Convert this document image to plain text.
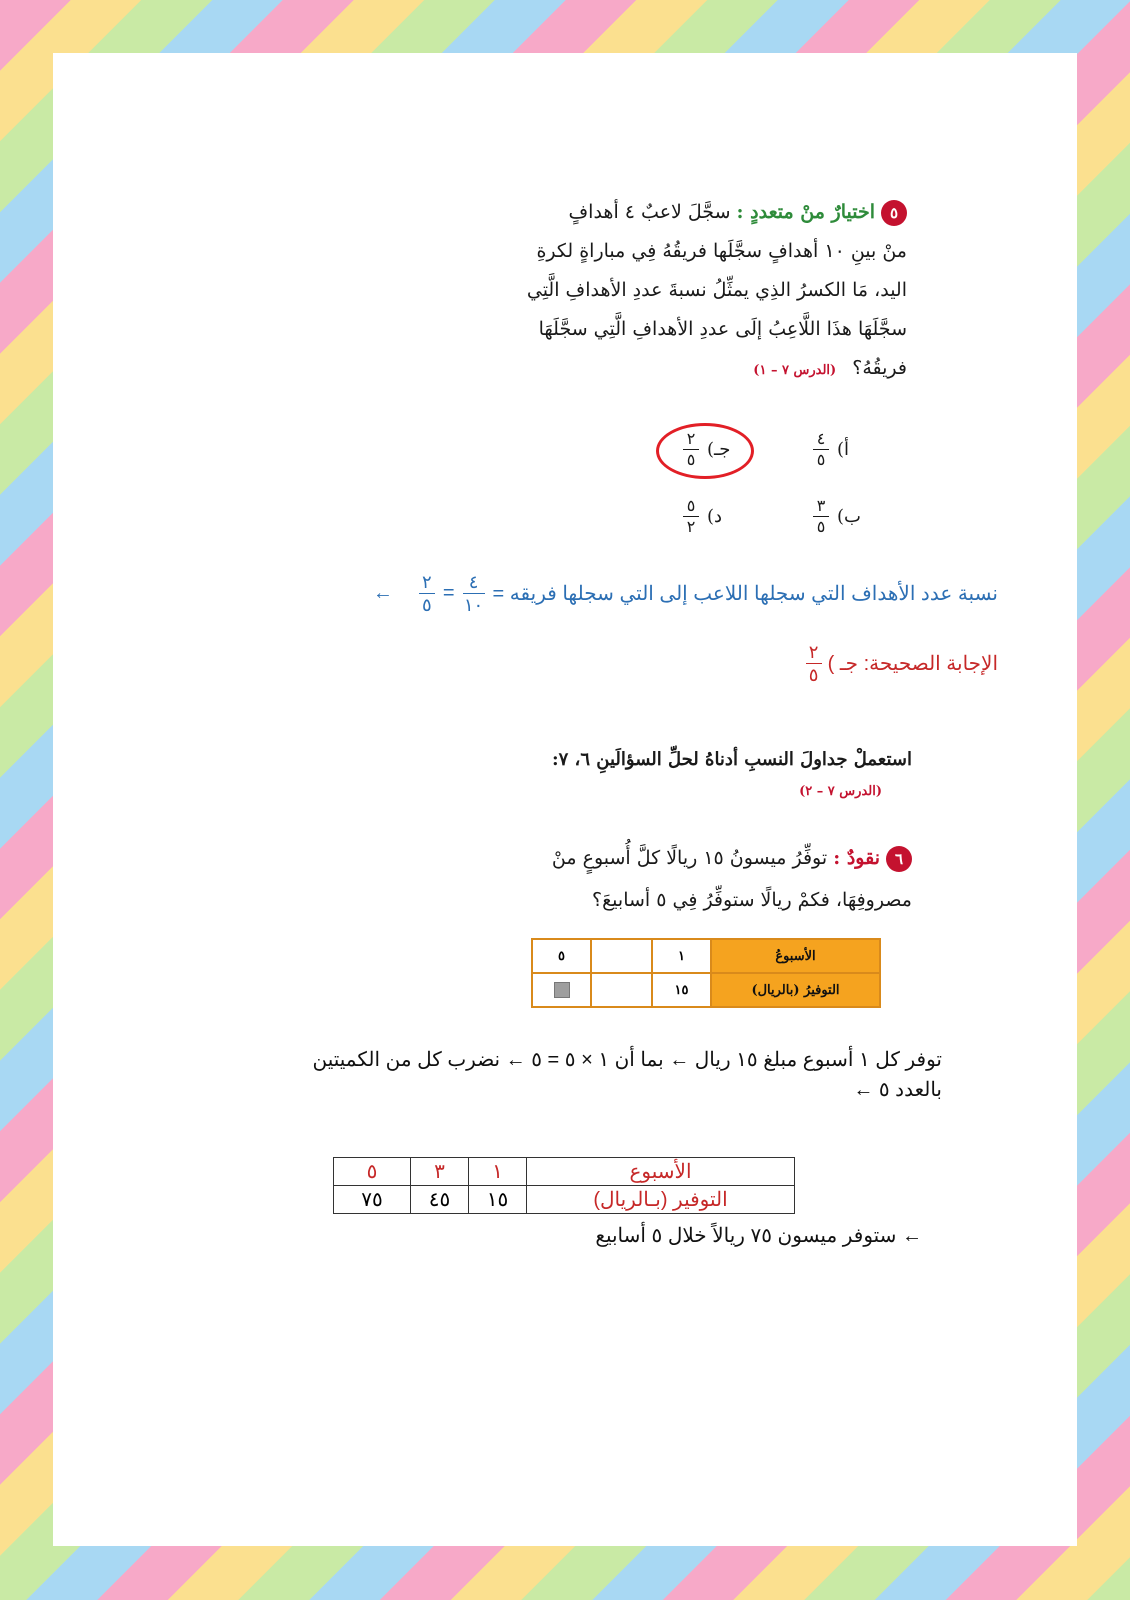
٥اختيارٌ منْ متعددٍ : سجَّلَ لاعبٌ ٤ أهدافٍ
منْ بينِ ١٠ أهدافٍ سجَّلَها فريقُهُ فِي مباراةٍ لكرةِ
اليد، مَا الكسرُ الذِي يمثِّلُ نسبةَ عددِ الأهدافِ الَّتِي
سجَّلَهَا هذَا اللَّاعِبُ إلَى عددِ الأهدافِ الَّتِي سجَّلَهَا
فريقُهُ؟ (الدرس ٧ – ١)
أ)
$\frac{٤}{٥}$
جـ)
$\frac{٢}{٥}$
ب)
$\frac{٣}{٥}$
د)
$\frac{٥}{٢}$
نسبة عدد الأهداف التي سجلها اللاعب إلى التي سجلها فريقه =
$\frac{٤}{١٠}$
=
$\frac{٢}{٥}$
←
الإجابة الصحيحة: جـ )
$\frac{٢}{٥}$
استعملْ جداولَ النسبِ أدناهُ لحلِّ السؤالَينِ ٦، ٧:
(الدرس ٧ – ٢)
٦نقودٌ : توفِّرُ ميسونُ ١٥ ريالًا كلَّ أُسبوعٍ منْ
مصروفِهَا، فكمْ ريالًا ستوفِّرُ فِي ٥ أسابيعَ؟
الأسبوعُ	١		٥
التوفيرُ (بالريال)	١٥		
توفر كل ١ أسبوع مبلغ ١٥ ريال ← بما أن ١ × ٥ = ٥ ← نضرب كل من الكميتين
بالعدد ٥ ←
الأسبوع	١	٣	٥
التوفير (بـالريال)	١٥	٤٥	٧٥
← ستوفر ميسون ٧٥ ريالاً خلال ٥ أسابيع
